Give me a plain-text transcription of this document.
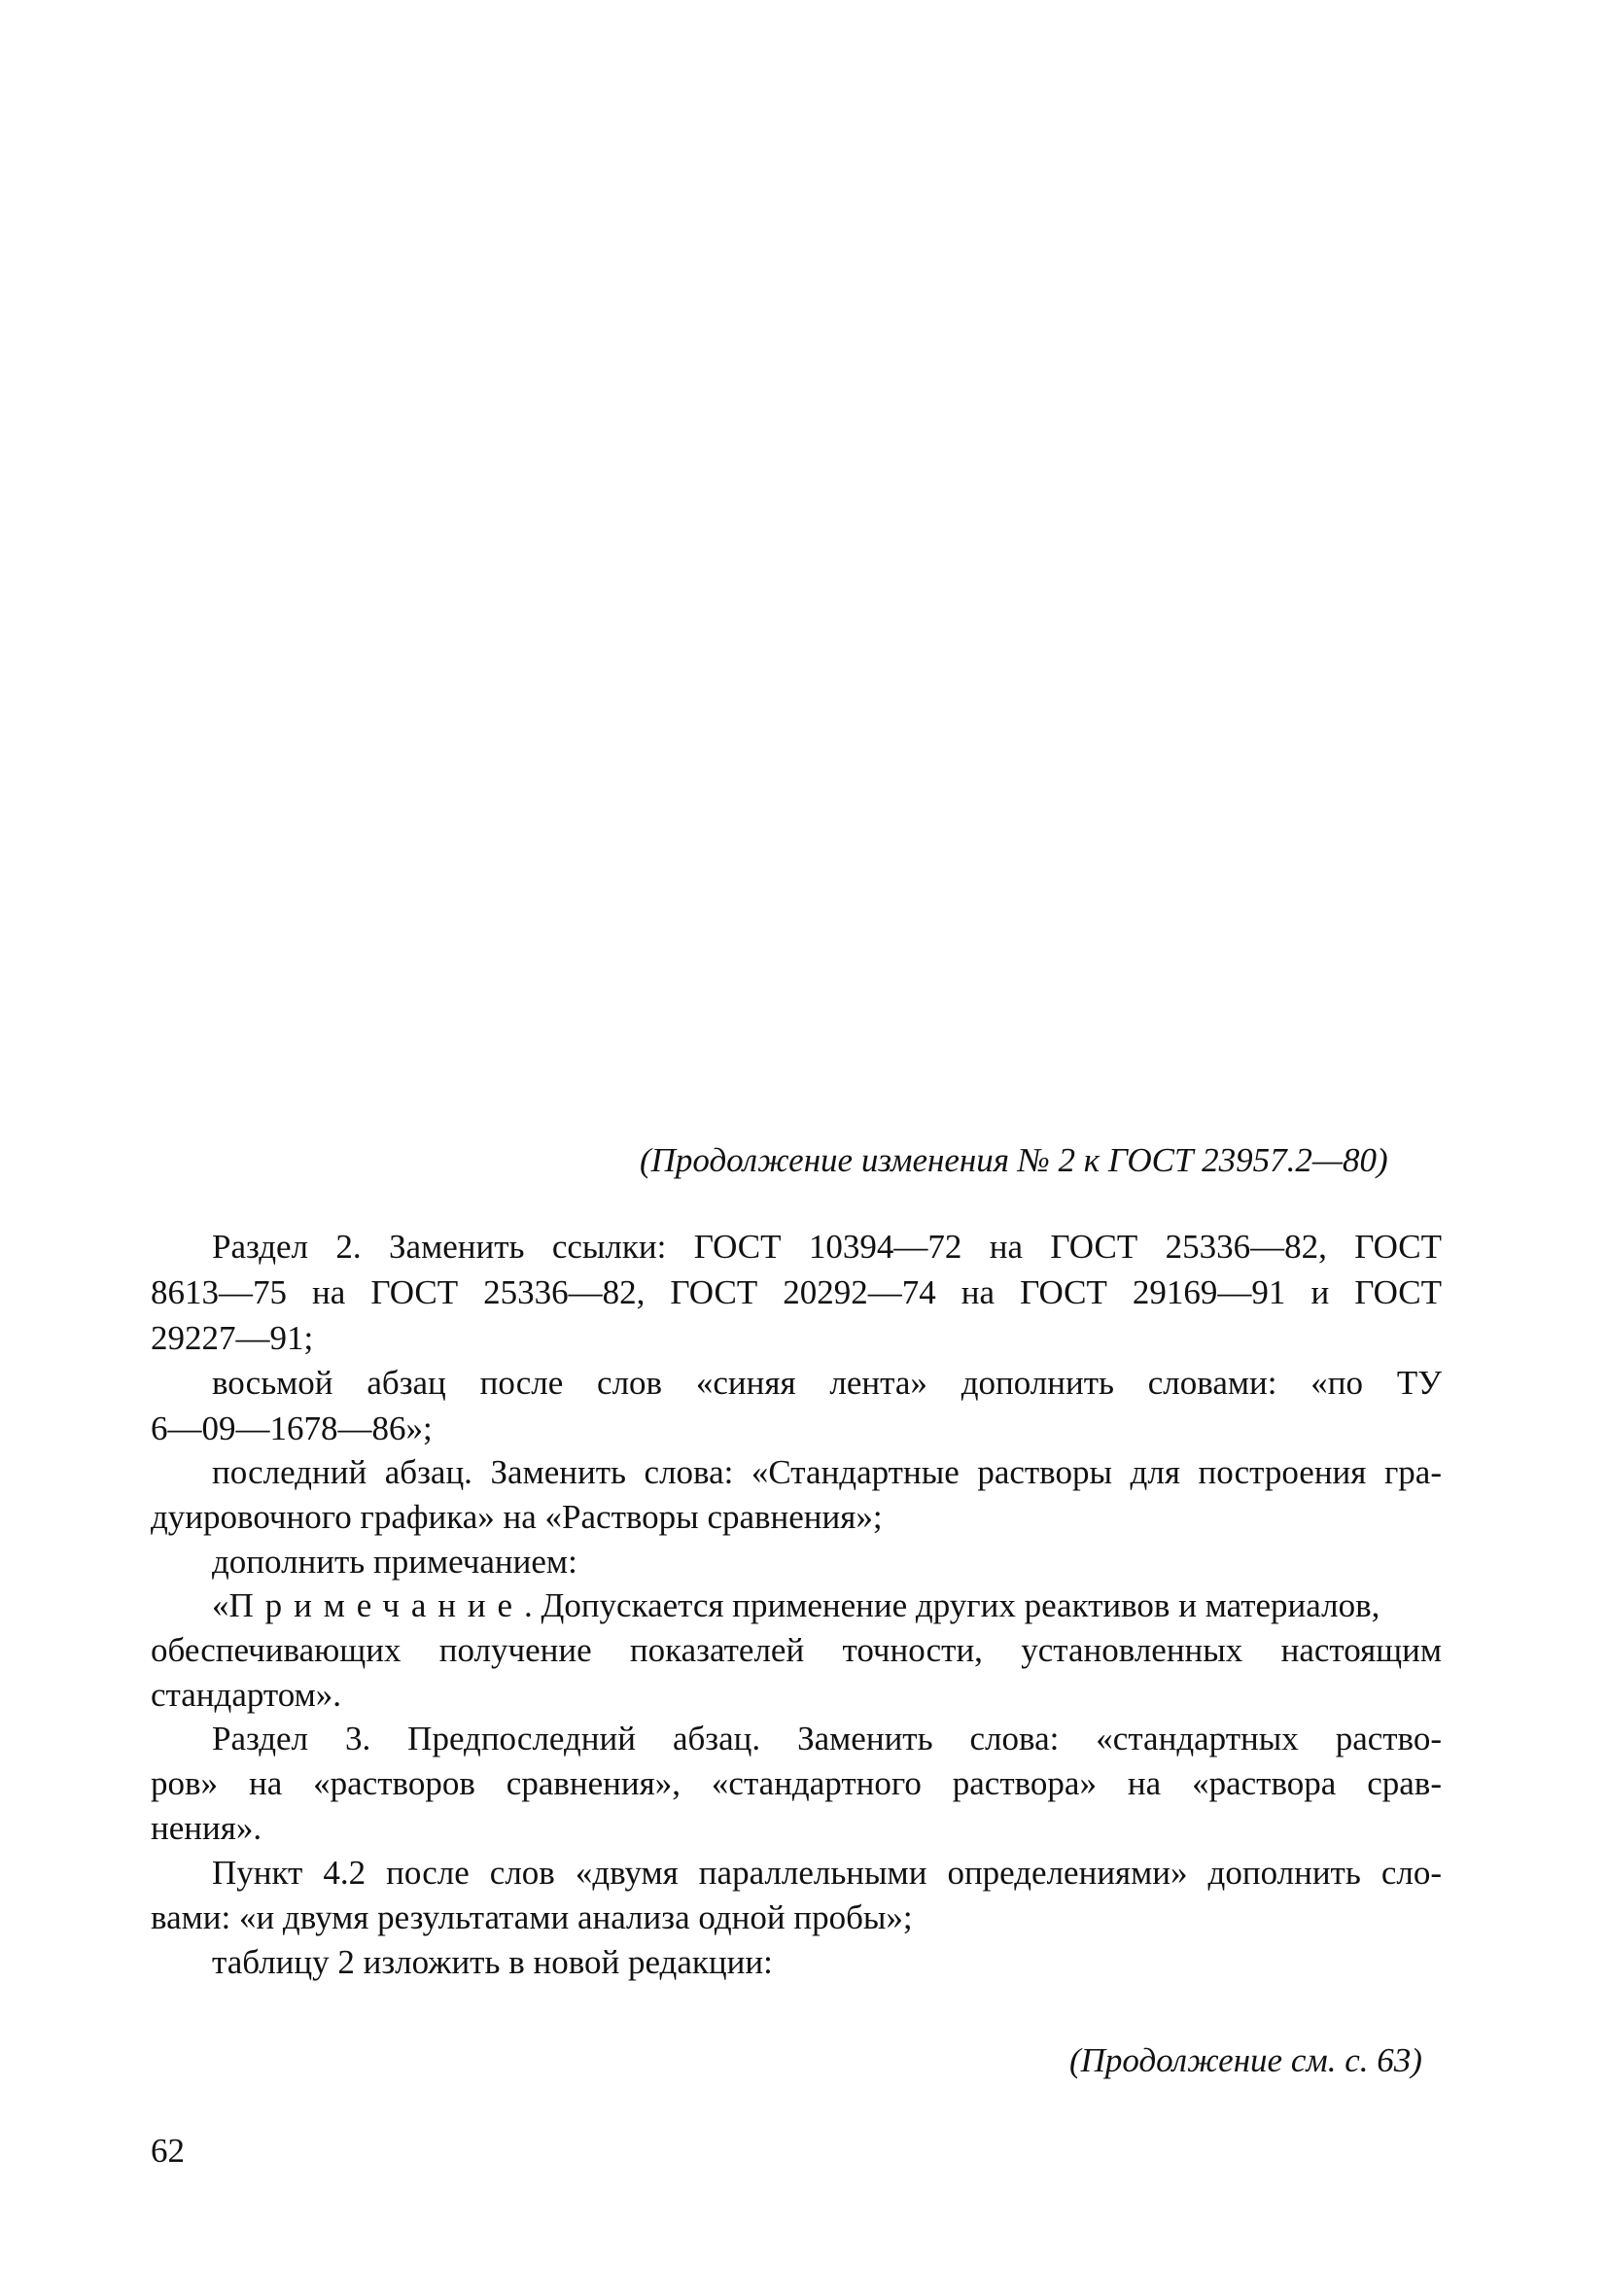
(Продолжение изменения № 2 к ГОСТ 23957.2—80)
Раздел 2. Заменить ссылки: ГОСТ 10394—72 на ГОСТ 25336—82, ГОСТ
8613—75 на ГОСТ 25336—82, ГОСТ 20292—74 на ГОСТ 29169—91 и ГОСТ
29227—91;
восьмой абзац после слов «синяя лента» дополнить словами: «по ТУ
6—09—1678—86»;
последний абзац. Заменить слова: «Стандартные растворы для построения гра-
дуировочного графика» на «Растворы сравнения»;
дополнить примечанием:
«Примечание. Допускается применение других реактивов и материалов,
обеспечивающих получение показателей точности, установленных настоящим
стандартом».
Раздел 3. Предпоследний абзац. Заменить слова: «стандартных раство-
ров» на «растворов сравнения», «стандартного раствора» на «раствора срав-
нения».
Пункт 4.2 после слов «двумя параллельными определениями» дополнить сло-
вами: «и двумя результатами анализа одной пробы»;
таблицу 2 изложить в новой редакции:
(Продолжение см. с. 63)
62
